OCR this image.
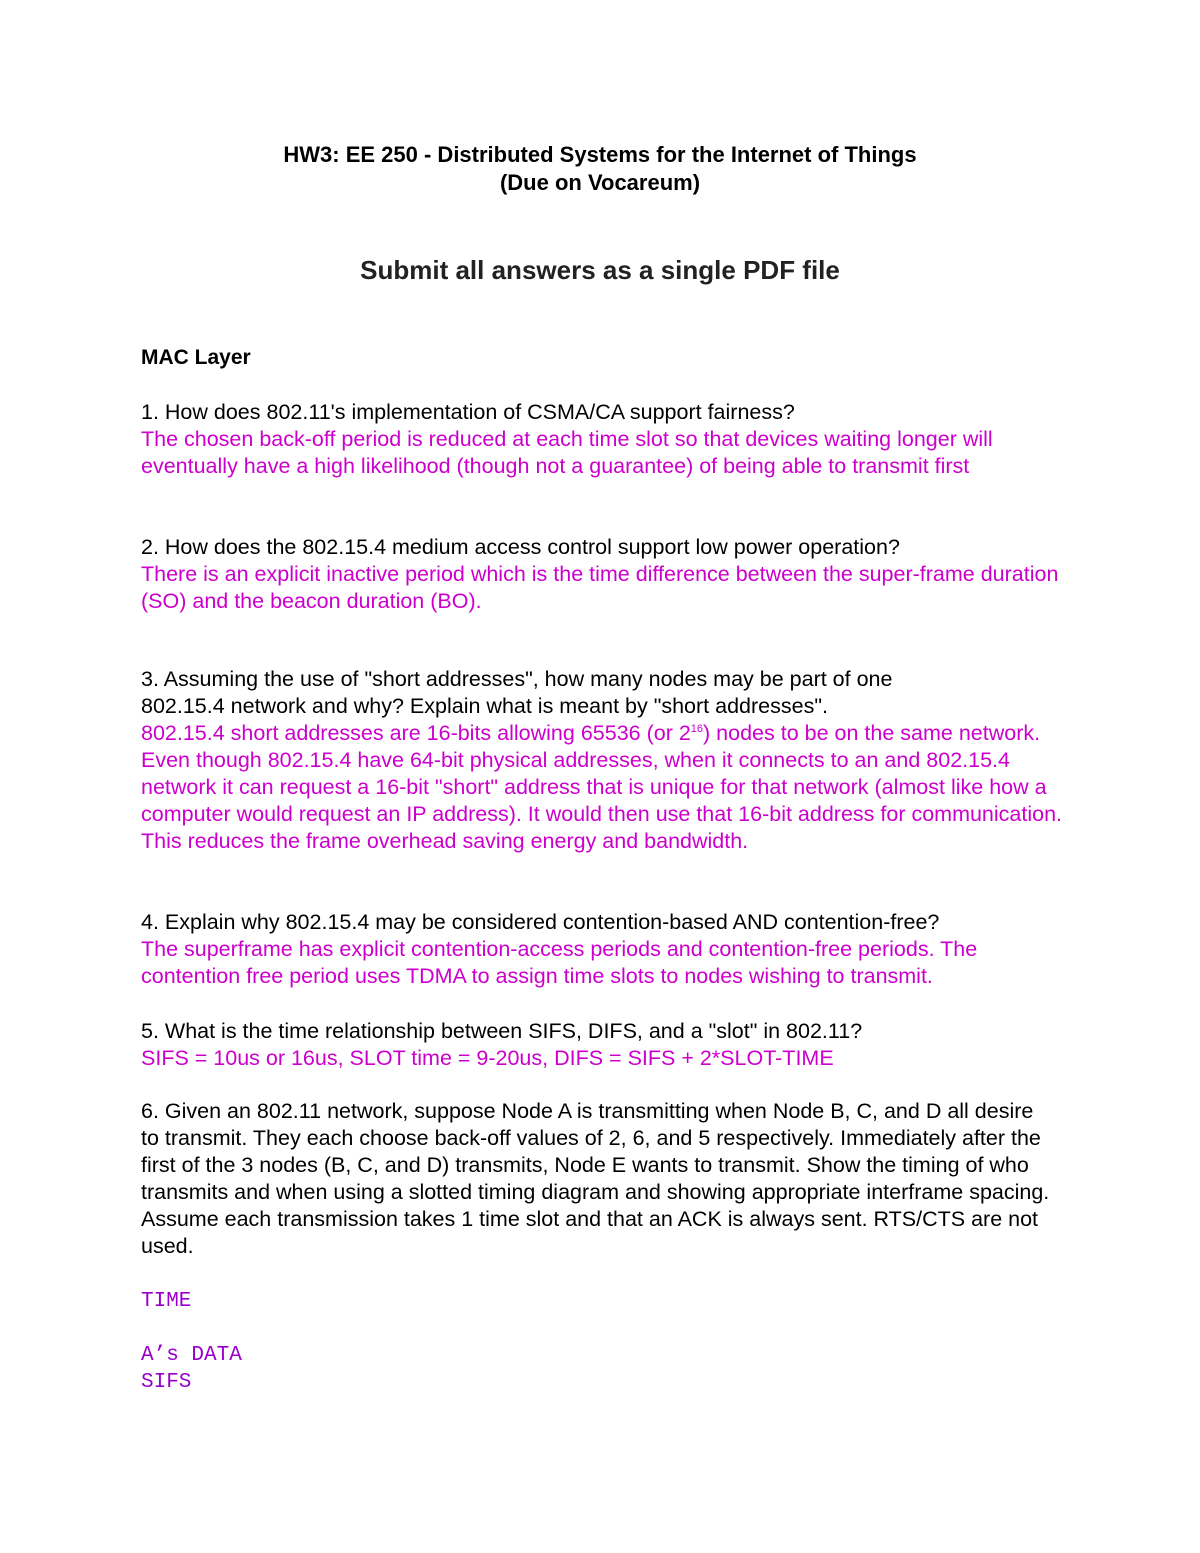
HW3: EE 250 - Distributed Systems for the Internet of Things
(Due on Vocareum)
Submit all answers as a single PDF file
MAC Layer

1. How does 802.11's implementation of CSMA/CA support fairness?

The chosen back-off period is reduced at each time slot so that devices waiting longer will eventually have a high likelihood (though not a guarantee) of being able to transmit first

2. How does the 802.15.4 medium access control support low power operation?

There is an explicit inactive period which is the time difference between the super-frame duration (SO) and the beacon duration (BO).

3. Assuming the use of "short addresses", how many nodes may be part of one 802.15.4 network and why? Explain what is meant by "short addresses".

802.15.4 short addresses are 16-bits allowing 65536 (or $2^{16}$) nodes to be on the same network. Even though 802.15.4 have 64-bit physical addresses, when it connects to an and 802.15.4 network it can request a 16-bit "short" address that is unique for that network (almost like how a computer would request an IP address). It would then use that 16-bit address for communication. This reduces the frame overhead saving energy and bandwidth.

4. Explain why 802.15.4 may be considered contention-based AND contention-free?

The superframe has explicit contention-access periods and contention-free periods. The contention free period uses TDMA to assign time slots to nodes wishing to transmit.

5. What is the time relationship between SIFS, DIFS, and a "slot" in 802.11?

SIFS = 10us or 16us, SLOT time = 9-20us, DIFS = SIFS + 2*SLOT-TIME

6. Given an 802.11 network, suppose Node A is transmitting when Node B, C, and D all desire to transmit. They each choose back-off values of 2, 6, and 5 respectively. Immediately after the first of the 3 nodes (B, C, and D) transmits, Node E wants to transmit. Show the timing of who transmits and when using a slotted timing diagram and showing appropriate interframe spacing. Assume each transmission takes 1 time slot and that an ACK is always sent. RTS/CTS are not used.

TIME
A’s DATA
SIFS
